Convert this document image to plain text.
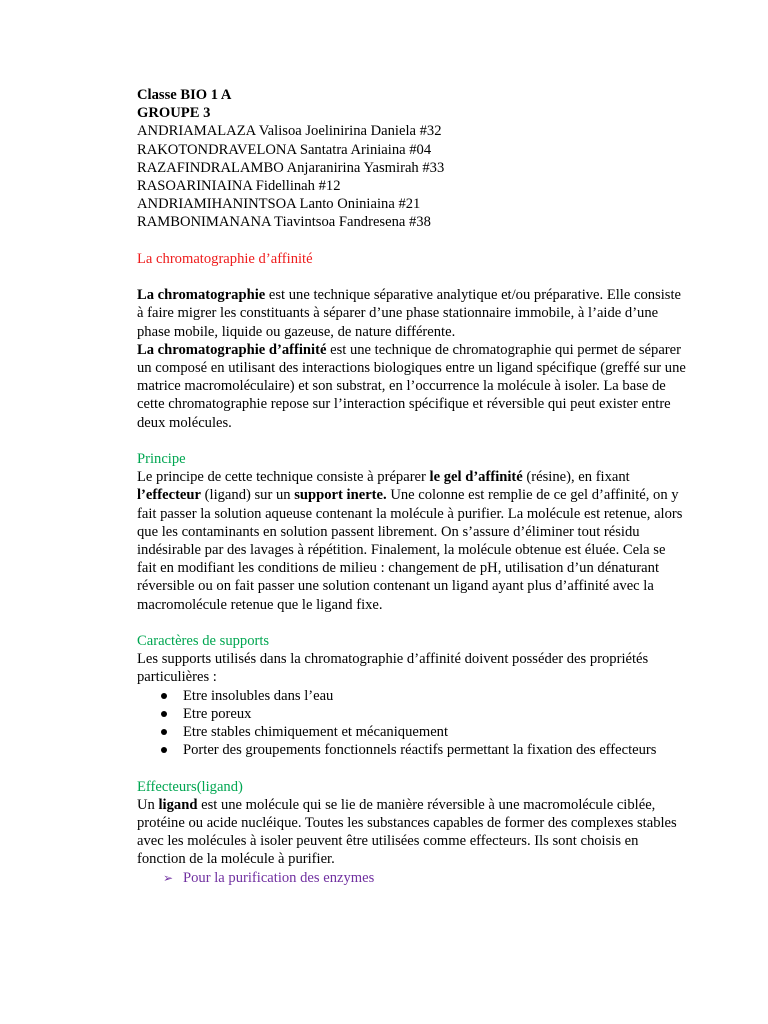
Classe BIO 1 A

GROUPE 3

ANDRIAMALAZA Valisoa Joelinirina Daniela #32

RAKOTONDRAVELONA Santatra Ariniaina #04

RAZAFINDRALAMBO Anjaranirina Yasmirah #33

RASOARINIAINA Fidellinah #12

ANDRIAMIHANINTSOA Lanto Oniniaina #21

RAMBONIMANANA Tiavintsoa Fandresena #38

La chromatographie d’affinité

La chromatographie est une technique séparative analytique et/ou préparative. Elle consiste à faire migrer les constituants à séparer d’une phase stationnaire immobile, à l’aide d’une phase mobile, liquide ou gazeuse, de nature différente.

La chromatographie d’affinité est une technique de chromatographie qui permet de séparer un composé en utilisant des interactions biologiques entre un ligand spécifique (greffé sur une matrice macromoléculaire) et son substrat, en l’occurrence la molécule à isoler. La base de cette chromatographie repose sur l’interaction spécifique et réversible qui peut exister entre deux molécules.

Principe

Le principe de cette technique consiste à préparer le gel d’affinité (résine), en fixant l’effecteur (ligand) sur un support inerte. Une colonne est remplie de ce gel d’affinité, on y fait passer la solution aqueuse contenant la molécule à purifier. La molécule est retenue, alors que les contaminants en solution passent librement. On s’assure d’éliminer tout résidu indésirable par des lavages à répétition. Finalement, la molécule obtenue est éluée. Cela se fait en modifiant les conditions de milieu : changement de pH, utilisation d’un dénaturant réversible ou on fait passer une solution contenant un ligand ayant plus d’affinité avec la macromolécule retenue que le ligand fixe.

Caractères de supports

Les supports utilisés dans la chromatographie d’affinité doivent posséder des propriétés particulières :

Etre insolubles dans l’eau
Etre poreux
Etre stables chimiquement et mécaniquement
Porter des groupements fonctionnels réactifs permettant la fixation des effecteurs

Effecteurs(ligand)

Un ligand est une molécule qui se lie de manière réversible à une macromolécule ciblée, protéine ou acide nucléique. Toutes les substances capables de former des complexes stables avec les molécules à isoler peuvent être utilisées comme effecteurs. Ils sont choisis en fonction de la molécule à purifier.

➢ Pour la purification des enzymes
